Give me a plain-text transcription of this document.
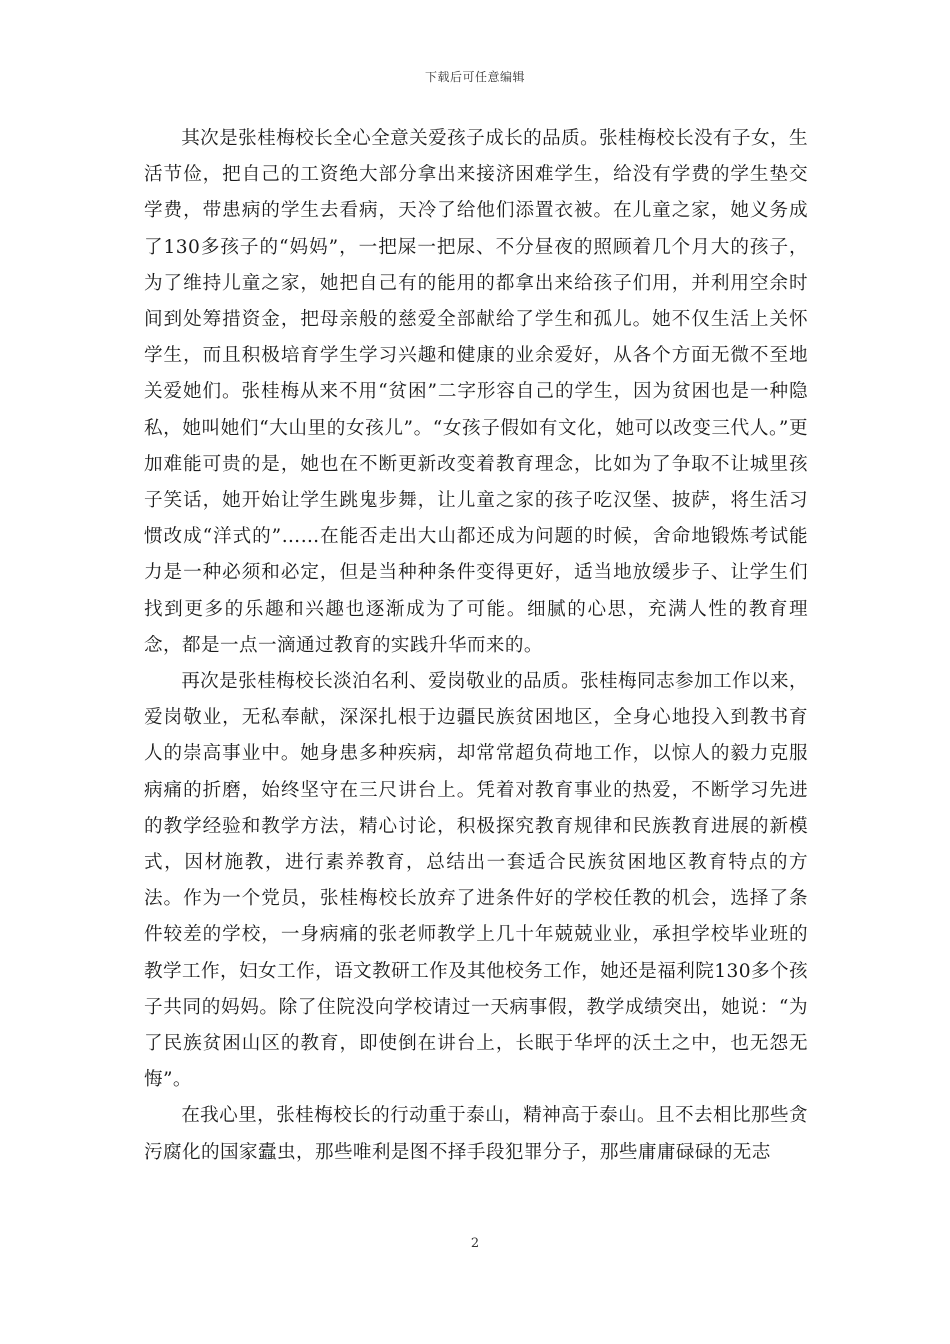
下载后可任意编辑

其次是张桂梅校长全心全意关爱孩子成长的品质。张桂梅校长没有子女，生活节俭，把自己的工资绝大部分拿出来接济困难学生，给没有学费的学生垫交学费，带患病的学生去看病，天冷了给他们添置衣被。在儿童之家，她义务成了130多孩子的“妈妈”，一把屎一把尿、不分昼夜的照顾着几个月大的孩子，为了维持儿童之家，她把自己有的能用的都拿出来给孩子们用，并利用空余时间到处筹措资金，把母亲般的慈爱全部献给了学生和孤儿。她不仅生活上关怀学生，而且积极培育学生学习兴趣和健康的业余爱好，从各个方面无微不至地关爱她们。张桂梅从来不用“贫困”二字形容自己的学生，因为贫困也是一种隐私，她叫她们“大山里的女孩儿”。“女孩子假如有文化，她可以改变三代人。”更加难能可贵的是，她也在不断更新改变着教育理念，比如为了争取不让城里孩子笑话，她开始让学生跳鬼步舞，让儿童之家的孩子吃汉堡、披萨，将生活习惯改成“洋式的”……在能否走出大山都还成为问题的时候，舍命地锻炼考试能力是一种必须和必定，但是当种种条件变得更好，适当地放缓步子、让学生们找到更多的乐趣和兴趣也逐渐成为了可能。细腻的心思，充满人性的教育理念，都是一点一滴通过教育的实践升华而来的。

再次是张桂梅校长淡泊名利、爱岗敬业的品质。张桂梅同志参加工作以来，爱岗敬业，无私奉献，深深扎根于边疆民族贫困地区，全身心地投入到教书育人的崇高事业中。她身患多种疾病，却常常超负荷地工作，以惊人的毅力克服病痛的折磨，始终坚守在三尺讲台上。凭着对教育事业的热爱，不断学习先进的教学经验和教学方法，精心讨论，积极探究教育规律和民族教育进展的新模式，因材施教，进行素养教育，总结出一套适合民族贫困地区教育特点的方法。作为一个党员，张桂梅校长放弃了进条件好的学校任教的机会，选择了条件较差的学校，一身病痛的张老师教学上几十年兢兢业业，承担学校毕业班的教学工作，妇女工作，语文教研工作及其他校务工作，她还是福利院130多个孩子共同的妈妈。除了住院没向学校请过一天病事假，教学成绩突出，她说：“为了民族贫困山区的教育，即使倒在讲台上，长眠于华坪的沃土之中，也无怨无悔”。

在我心里，张桂梅校长的行动重于泰山，精神高于泰山。且不去相比那些贪污腐化的国家蠹虫，那些唯利是图不择手段犯罪分子，那些庸庸碌碌的无志

2
